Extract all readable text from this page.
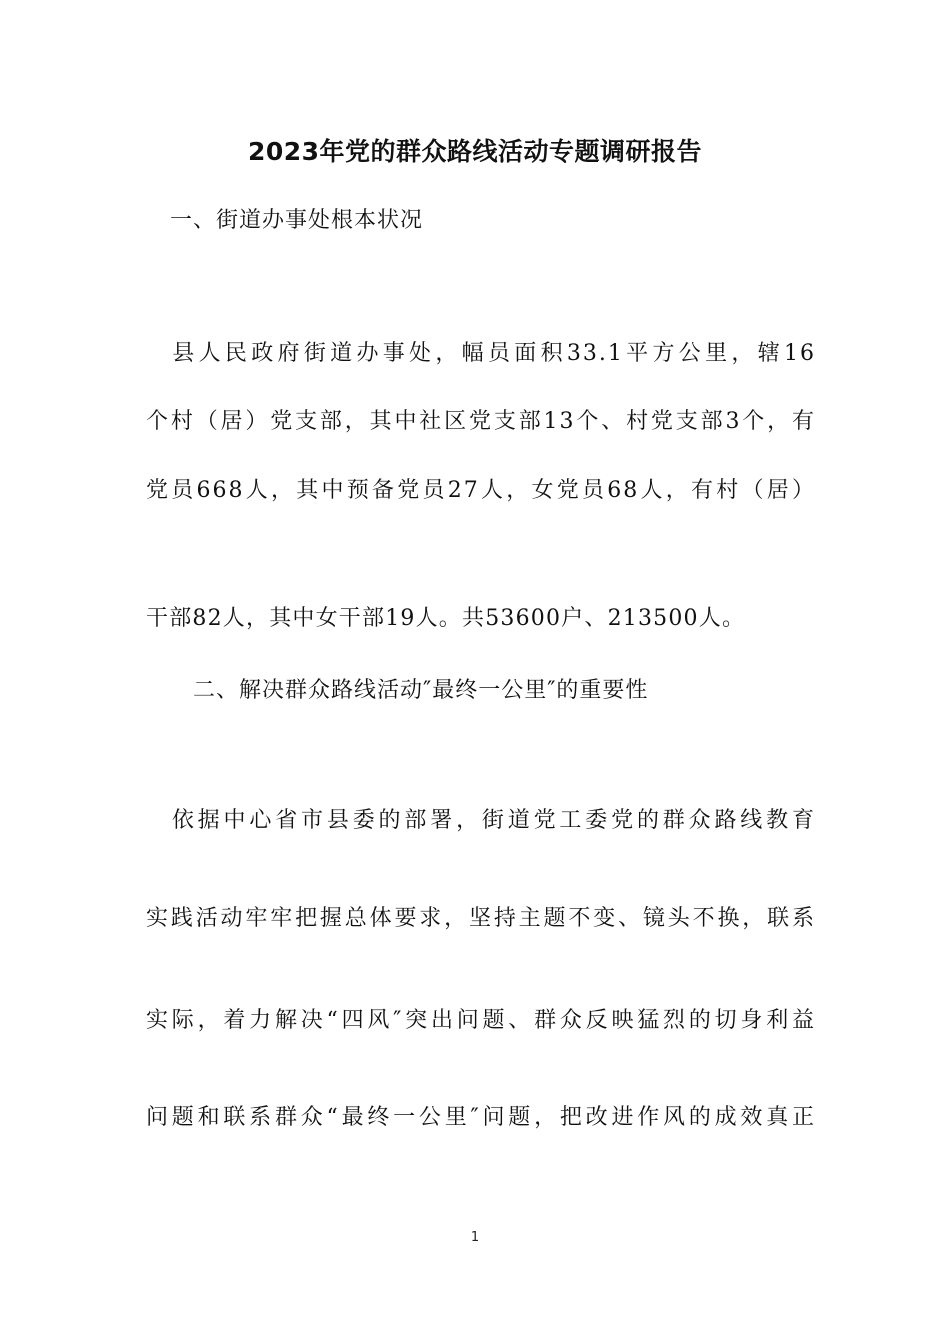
2023年党的群众路线活动专题调研报告
一、街道办事处根本状况
　县人民政府街道办事处，幅员面积33.1平方公里，辖16
个村（居）党支部，其中社区党支部13个、村党支部3个，有
党员668人，其中预备党员27人，女党员68人，有村（居）
干部82人，其中女干部19人。共53600户、213500人。
　二、解决群众路线活动″最终一公里″的重要性
　依据中心省市县委的部署，街道党工委党的群众路线教育
实践活动牢牢把握总体要求，坚持主题不变、镜头不换，联系
实际，着力解决“四风″突出问题、群众反映猛烈的切身利益
问题和联系群众“最终一公里″问题，把改进作风的成效真正
1
